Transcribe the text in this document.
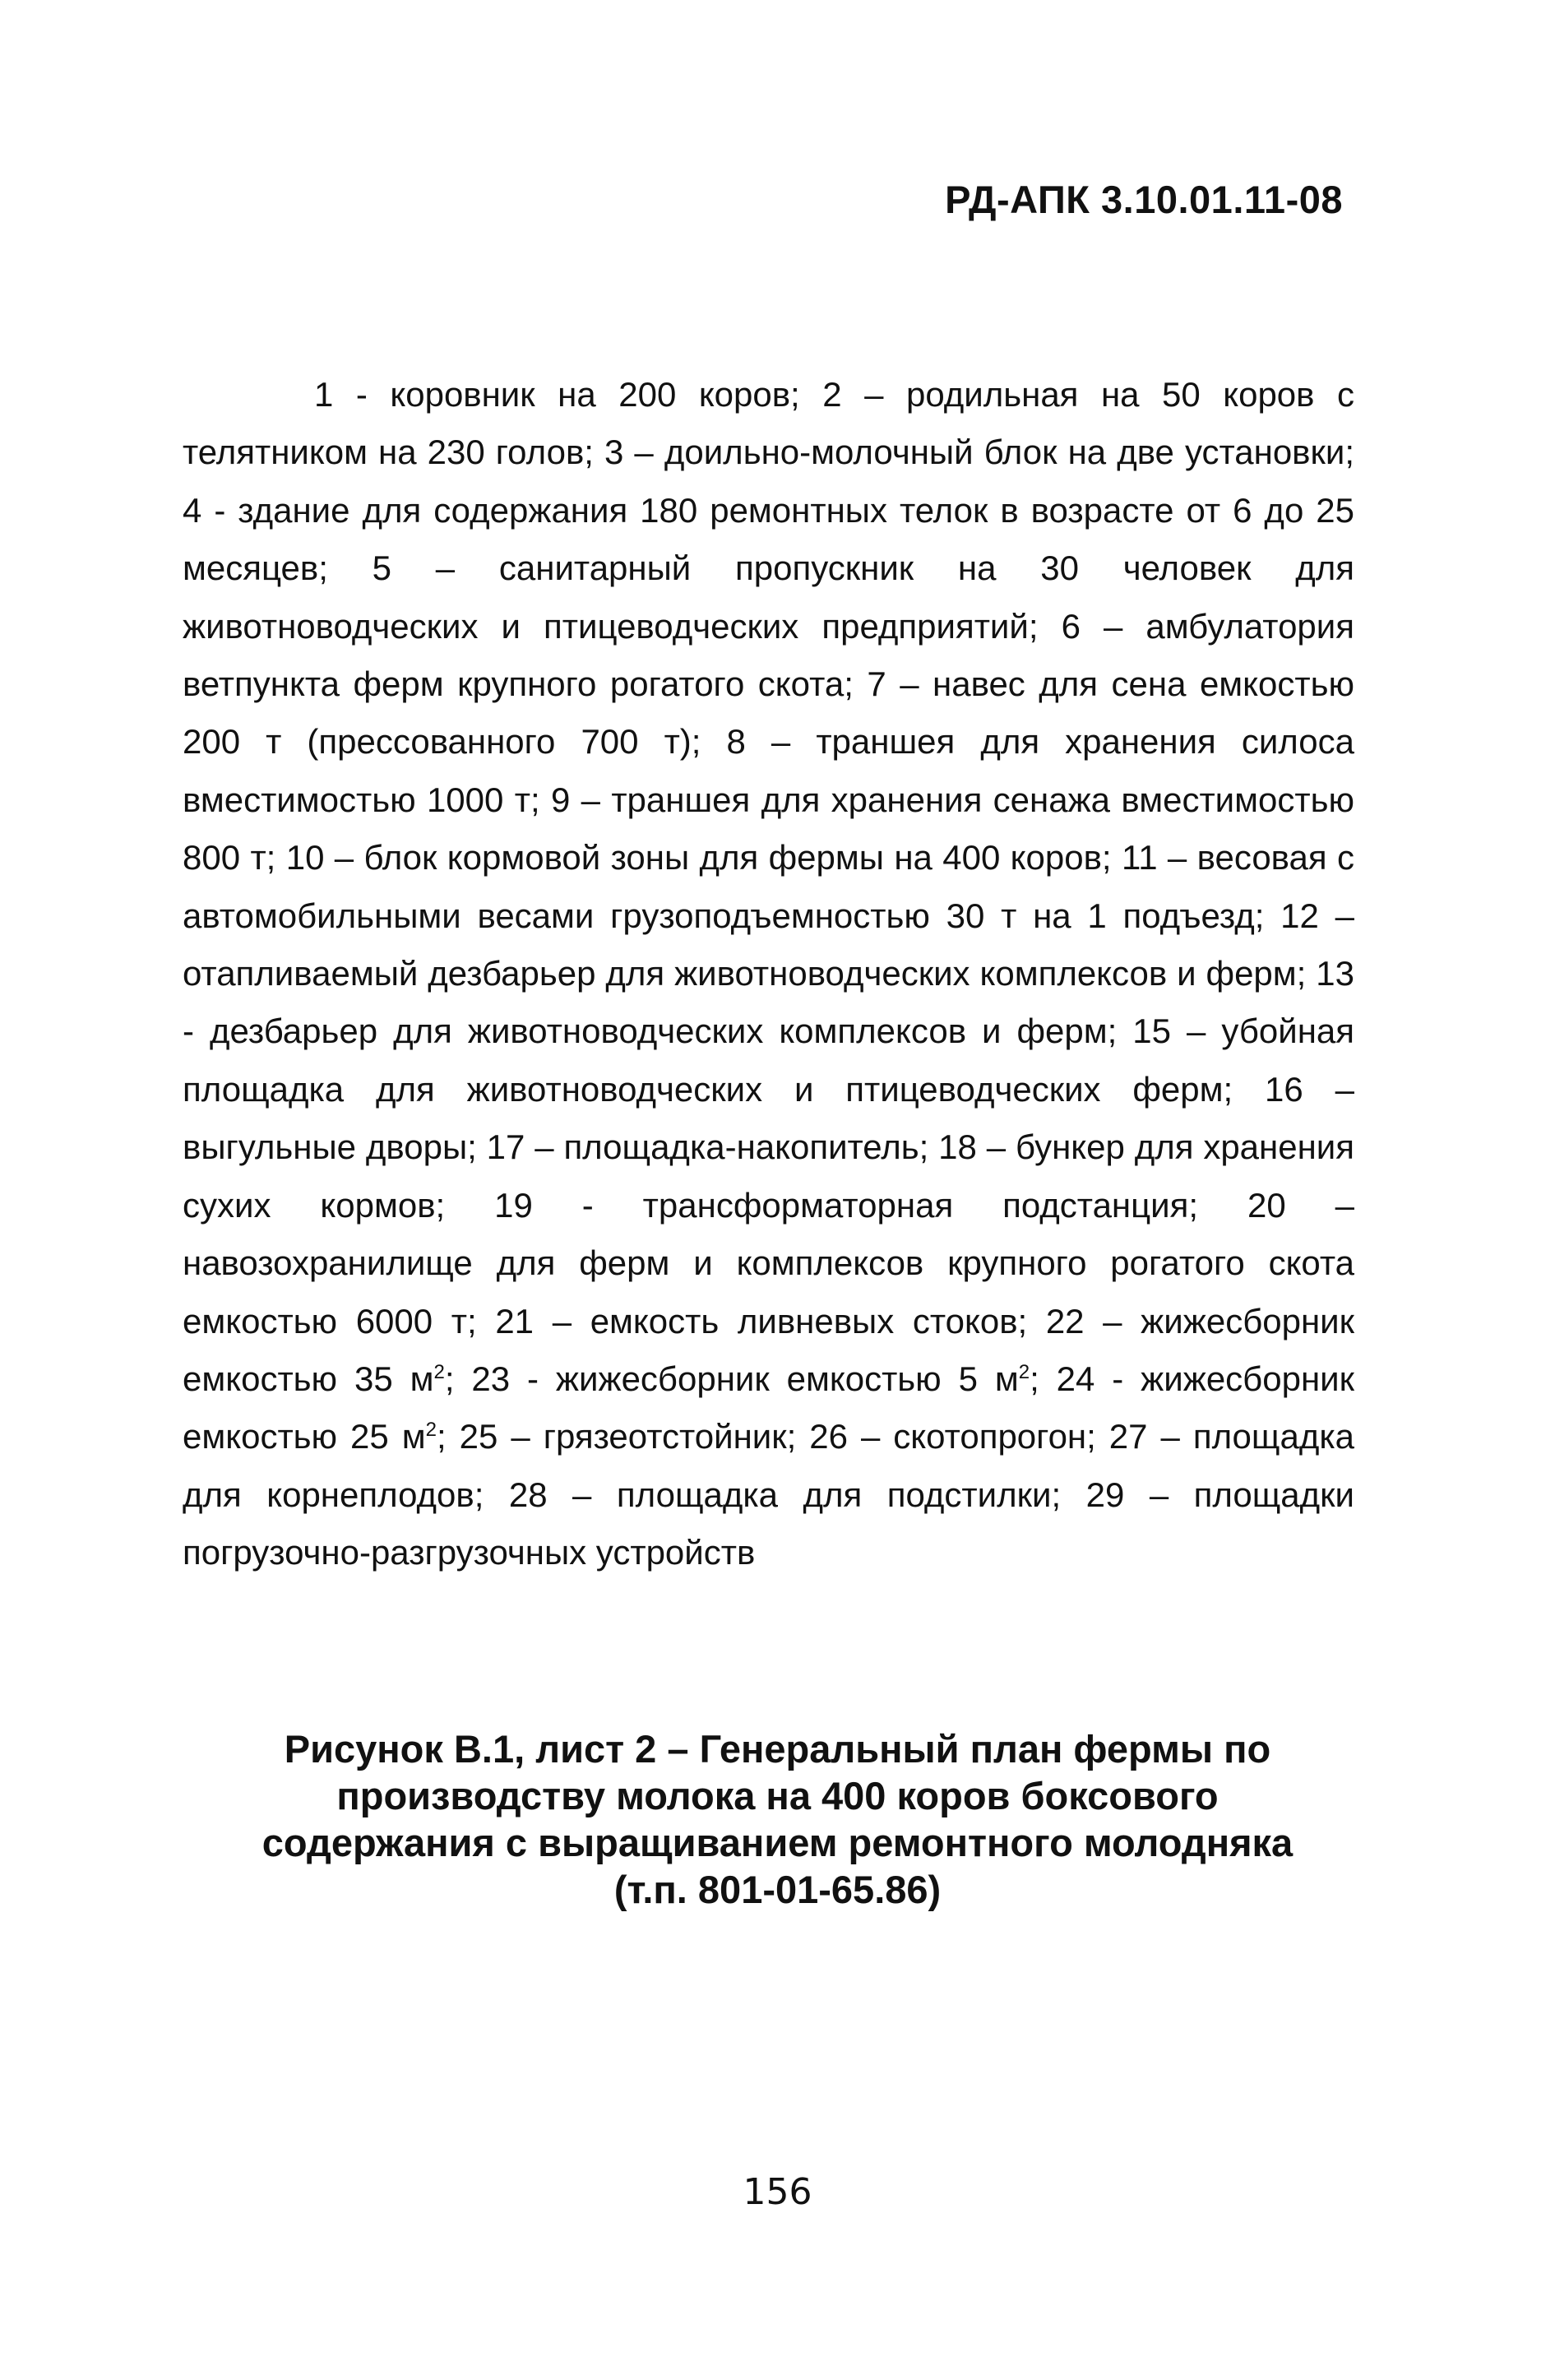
РД-АПК 3.10.01.11-08

1 - коровник на 200 коров; 2 – родильная на 50 коров с телятником на 230 голов; 3 – доильно-молочный блок на две установки; 4 - здание для содержания 180 ремонтных телок в возрасте от 6 до 25 месяцев; 5 – санитарный пропускник на 30 человек для животноводческих и птицеводческих предприятий; 6 – амбулатория ветпункта ферм крупного рогатого скота; 7 – навес для сена емкостью 200 т (прессованного 700 т); 8 – траншея для хранения силоса вместимостью 1000 т; 9 – траншея для хранения сенажа вместимостью 800 т; 10 – блок кормовой зоны для фермы на 400 коров; 11 – весовая с автомобильными весами грузоподъемностью 30 т на 1 подъезд; 12 – отапливаемый дезбарьер для животноводческих комплексов и ферм; 13 - дезбарьер для животноводческих комплексов и ферм; 15 – убойная площадка для животноводческих и птицеводческих ферм; 16 – выгульные дворы; 17 – площадка-накопитель; 18 – бункер для хранения сухих кормов; 19 - трансформаторная подстанция; 20 – навозохранилище для ферм и комплексов крупного рогатого скота емкостью 6000 т; 21 – емкость ливневых стоков; 22 – жижесборник емкостью 35 $м^2$; 23 - жижесборник емкостью 5 $м^2$; 24 - жижесборник емкостью 25 $м^2$; 25 – грязеотстойник; 26 – скотопрогон; 27 – площадка для корнеплодов; 28 – площадка для подстилки; 29 – площадки погрузочно-разгрузочных устройств

Рисунок В.1, лист 2 – Генеральный план фермы по производству молока на 400 коров боксового содержания с выращиванием ремонтного молодняка (т.п. 801-01-65.86)

156
